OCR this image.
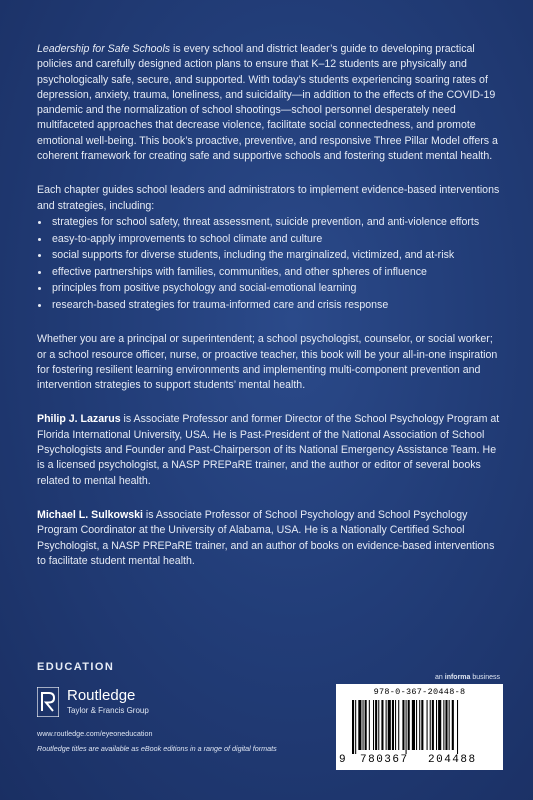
Leadership for Safe Schools is every school and district leader’s guide to developing practical policies and carefully designed action plans to ensure that K–12 students are physically and psychologically safe, secure, and supported. With today’s students experiencing soaring rates of depression, anxiety, trauma, loneliness, and suicidality—in addition to the effects of the COVID-19 pandemic and the normalization of school shootings—school personnel desperately need multifaceted approaches that decrease violence, facilitate social connectedness, and promote emotional well-being. This book’s proactive, preventive, and responsive Three Pillar Model offers a coherent framework for creating safe and supportive schools and fostering student mental health.

Each chapter guides school leaders and administrators to implement evidence-based interventions and strategies, including:

strategies for school safety, threat assessment, suicide prevention, and anti-violence efforts
easy-to-apply improvements to school climate and culture
social supports for diverse students, including the marginalized, victimized, and at-risk
effective partnerships with families, communities, and other spheres of influence
principles from positive psychology and social-emotional learning
research-based strategies for trauma-informed care and crisis response

Whether you are a principal or superintendent; a school psychologist, counselor, or social worker; or a school resource officer, nurse, or proactive teacher, this book will be your all-in-one inspiration for fostering resilient learning environments and implementing multi-component prevention and intervention strategies to support students’ mental health.

Philip J. Lazarus is Associate Professor and former Director of the School Psychology Program at Florida International University, USA. He is Past-President of the National Association of School Psychologists and Founder and Past-Chairperson of its National Emergency Assistance Team. He is a licensed psychologist, a NASP PREPaRE trainer, and the author or editor of several books related to mental health.

Michael L. Sulkowski is Associate Professor of School Psychology and School Psychology Program Coordinator at the University of Alabama, USA. He is a Nationally Certified School Psychologist, a NASP PREPaRE trainer, and an author of books on evidence-based interventions to facilitate student mental health.

EDUCATION
Routledge
Taylor & Francis Group
www.routledge.com/eyeoneducation
Routledge titles are available as eBook editions in a range of digital formats
an informa business
978-0-367-20448-8
9 780367 204488
